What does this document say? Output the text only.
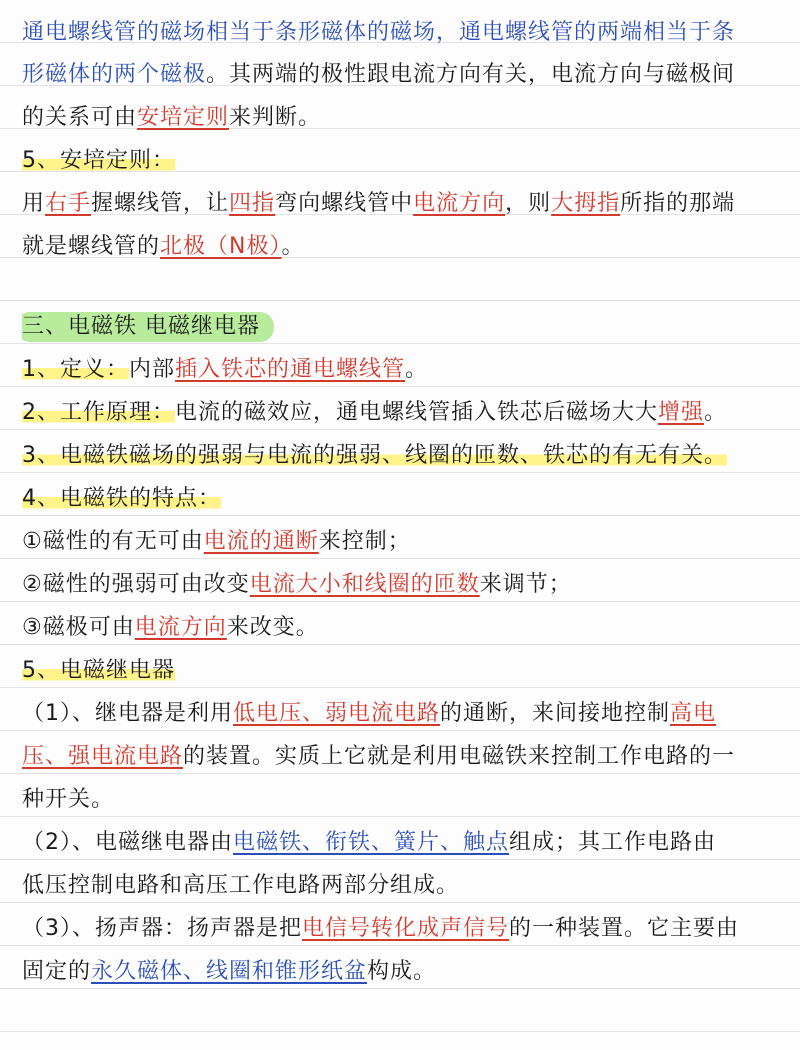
通电螺线管的磁场相当于条形磁体的磁场，通电螺线管的两端相当于条
形磁体的两个磁极。其两端的极性跟电流方向有关，电流方向与磁极间
的关系可由安培定则来判断。
5、安培定则：
用右手握螺线管，让四指弯向螺线管中电流方向，则大拇指所指的那端
就是螺线管的北极（N极）。
三、电磁铁 电磁继电器
1、定义：内部插入铁芯的通电螺线管。
2、工作原理：电流的磁效应，通电螺线管插入铁芯后磁场大大增强。
3、电磁铁磁场的强弱与电流的强弱、线圈的匝数、铁芯的有无有关。
4、电磁铁的特点：
①磁性的有无可由电流的通断来控制；
②磁性的强弱可由改变电流大小和线圈的匝数来调节；
③磁极可由电流方向来改变。
5、电磁继电器
（1）、继电器是利用低电压、弱电流电路的通断，来间接地控制高电
压、强电流电路的装置。实质上它就是利用电磁铁来控制工作电路的一
种开关。
（2）、电磁继电器由电磁铁、衔铁、簧片、触点组成；其工作电路由
低压控制电路和高压工作电路两部分组成。
（3）、扬声器：扬声器是把电信号转化成声信号的一种装置。它主要由
固定的永久磁体、线圈和锥形纸盆构成。
